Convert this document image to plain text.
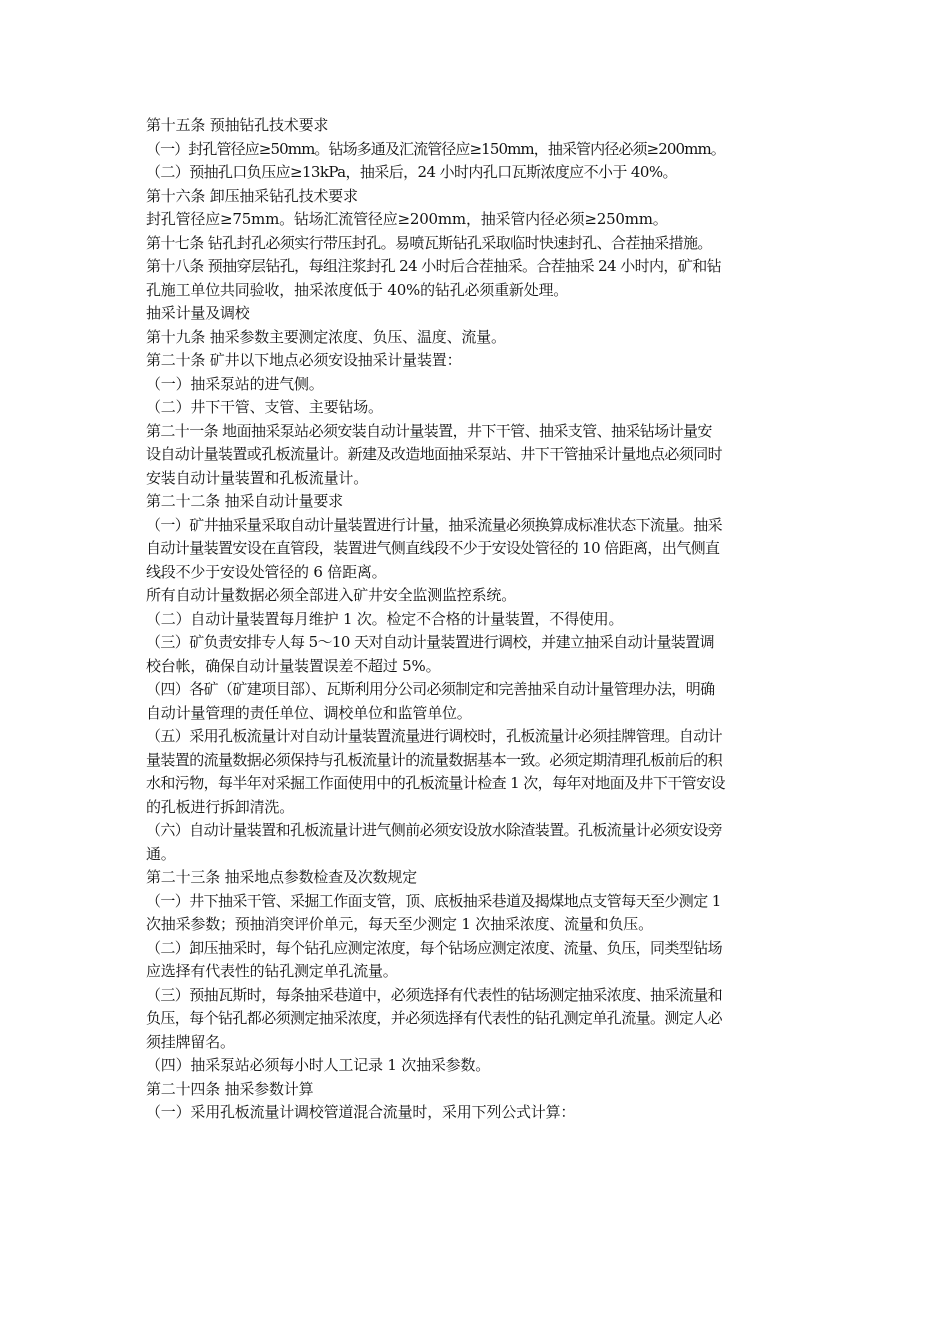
第十五条 预抽钻孔技术要求
（一）封孔管径应≥50mm。钻场多通及汇流管径应≥150mm，抽采管内径必须≥200mm。
（二）预抽孔口负压应≥13kPa，抽采后，24 小时内孔口瓦斯浓度应不小于 40%。
第十六条 卸压抽采钻孔技术要求
封孔管径应≥75mm。钻场汇流管径应≥200mm，抽采管内径必须≥250mm。
第十七条 钻孔封孔必须实行带压封孔。易喷瓦斯钻孔采取临时快速封孔、合茬抽采措施。
第十八条 预抽穿层钻孔，每组注浆封孔 24 小时后合茬抽采。合茬抽采 24 小时内，矿和钻
孔施工单位共同验收，抽采浓度低于 40%的钻孔必须重新处理。
抽采计量及调校
第十九条 抽采参数主要测定浓度、负压、温度、流量。
第二十条 矿井以下地点必须安设抽采计量装置：
（一）抽采泵站的进气侧。
（二）井下干管、支管、主要钻场。
第二十一条 地面抽采泵站必须安装自动计量装置，井下干管、抽采支管、抽采钻场计量安
设自动计量装置或孔板流量计。新建及改造地面抽采泵站、井下干管抽采计量地点必须同时
安装自动计量装置和孔板流量计。
第二十二条 抽采自动计量要求
（一）矿井抽采量采取自动计量装置进行计量，抽采流量必须换算成标准状态下流量。抽采
自动计量装置安设在直管段，装置进气侧直线段不少于安设处管径的 10 倍距离，出气侧直
线段不少于安设处管径的 6 倍距离。
所有自动计量数据必须全部进入矿井安全监测监控系统。
（二）自动计量装置每月维护 1 次。检定不合格的计量装置，不得使用。
（三）矿负责安排专人每 5～10 天对自动计量装置进行调校，并建立抽采自动计量装置调
校台帐，确保自动计量装置误差不超过 5%。
（四）各矿（矿建项目部）、瓦斯利用分公司必须制定和完善抽采自动计量管理办法，明确
自动计量管理的责任单位、调校单位和监管单位。
（五）采用孔板流量计对自动计量装置流量进行调校时，孔板流量计必须挂牌管理。自动计
量装置的流量数据必须保持与孔板流量计的流量数据基本一致。必须定期清理孔板前后的积
水和污物，每半年对采掘工作面使用中的孔板流量计检查 1 次，每年对地面及井下干管安设
的孔板进行拆卸清洗。
（六）自动计量装置和孔板流量计进气侧前必须安设放水除渣装置。孔板流量计必须安设旁
通。
第二十三条 抽采地点参数检查及次数规定
（一）井下抽采干管、采掘工作面支管，顶、底板抽采巷道及揭煤地点支管每天至少测定 1
次抽采参数；预抽消突评价单元，每天至少测定 1 次抽采浓度、流量和负压。
（二）卸压抽采时，每个钻孔应测定浓度，每个钻场应测定浓度、流量、负压，同类型钻场
应选择有代表性的钻孔测定单孔流量。
（三）预抽瓦斯时，每条抽采巷道中，必须选择有代表性的钻场测定抽采浓度、抽采流量和
负压，每个钻孔都必须测定抽采浓度，并必须选择有代表性的钻孔测定单孔流量。测定人必
须挂牌留名。
（四）抽采泵站必须每小时人工记录 1 次抽采参数。
第二十四条 抽采参数计算
（一）采用孔板流量计调校管道混合流量时，采用下列公式计算：
